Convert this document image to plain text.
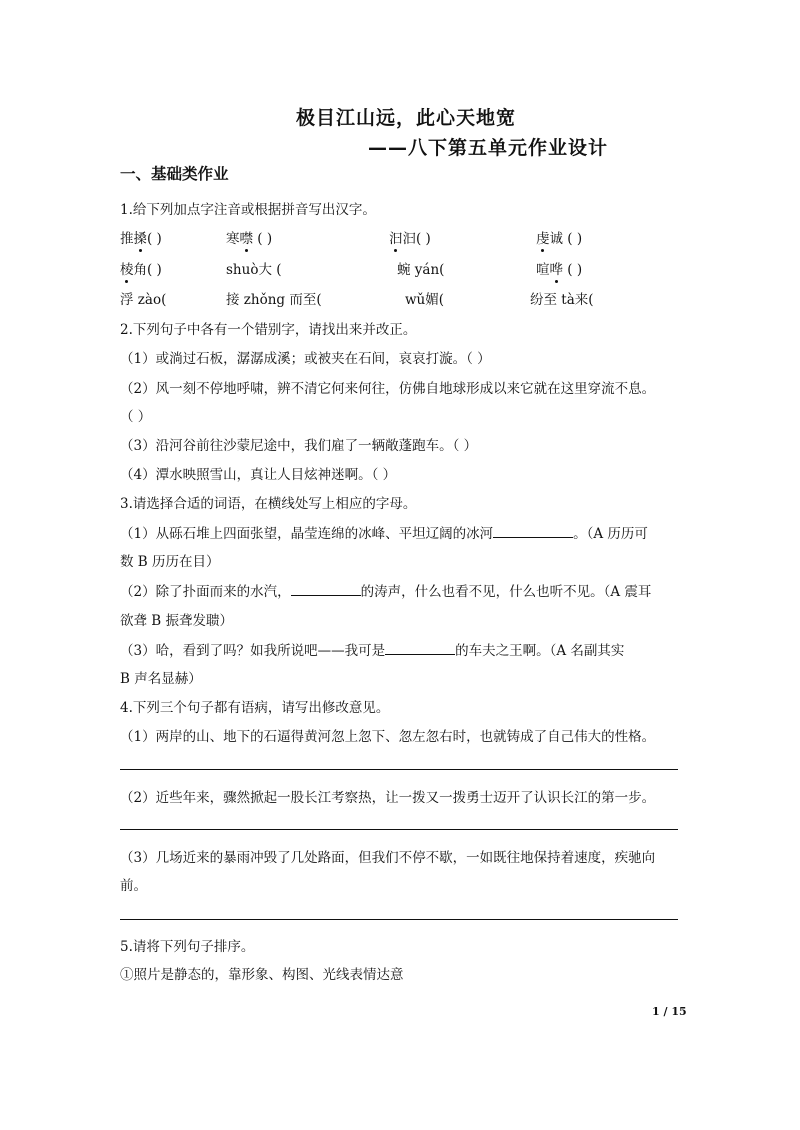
极目江山远，此心天地宽
——八下第五单元作业设计
一、基础类作业
1.给下列加点字注音或根据拼音写出汉字。
推搡( )	寒噤 ( )	汩汩( )	虔诚 ( )
棱角( )	shuò大 (	蜿 yán(	喧哗 ( )
浮 zào(	接 zhǒng 而至(	wǔ媚(	纷至 tà来(
2.下列句子中各有一个错别字，请找出来并改正。
（1）或淌过石板，潺潺成溪；或被夹在石间，哀哀打漩。（ ）
（2）风一刻不停地呼啸，辨不清它何来何往，仿佛自地球形成以来它就在这里穿流不息。
（ ）
（3）沿河谷前往沙蒙尼途中，我们雇了一辆敞蓬跑车。（ ）
（4）潭水映照雪山，真让人目炫神迷啊。（ ）
3.请选择合适的词语，在横线处写上相应的字母。
（1）从砾石堆上四面张望，晶莹连绵的冰峰、平坦辽阔的冰河	。（A 历历可
数 B 历历在目）
（2）除了扑面而来的水汽，	的涛声，什么也看不见，什么也听不见。（A 震耳
欲聋 B 振聋发聩）
（3）哈，看到了吗？如我所说吧——我可是	的车夫之王啊。（A 名副其实
B 声名显赫）
4.下列三个句子都有语病，请写出修改意见。
（1）两岸的山、地下的石逼得黄河忽上忽下、忽左忽右时，也就铸成了自己伟大的性格。
（2）近些年来，骤然掀起一股长江考察热，让一拨又一拨勇士迈开了认识长江的第一步。
（3）几场近来的暴雨冲毁了几处路面，但我们不停不歇，一如既往地保持着速度，疾驰向
前。
5.请将下列句子排序。
①照片是静态的，靠形象、构图、光线表情达意
1 / 15
